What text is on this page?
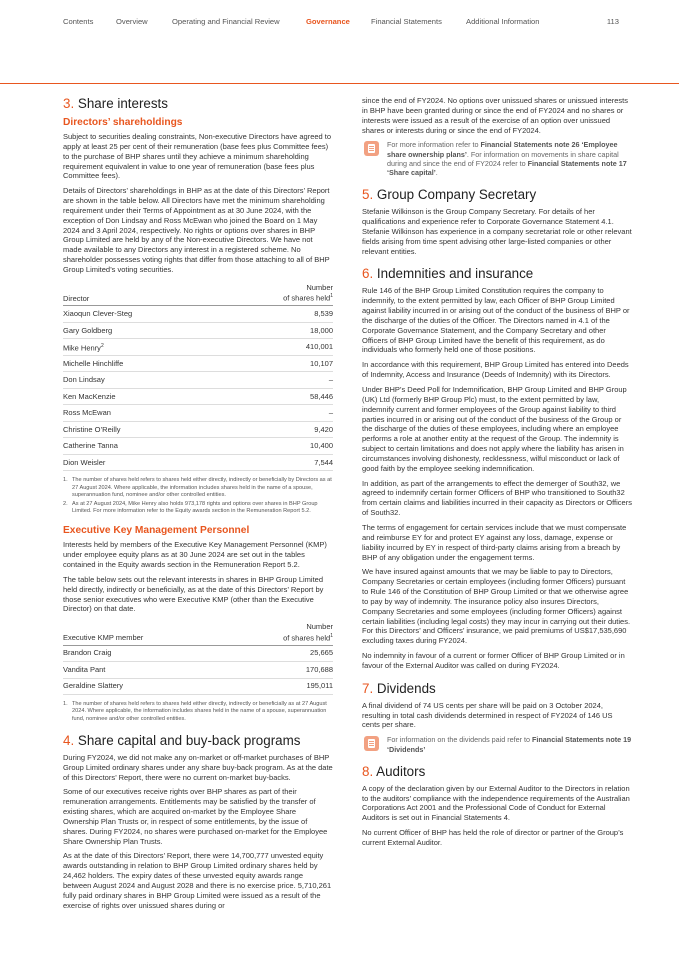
Contents	Overview	Operating and Financial Review	Governance	Financial Statements	Additional Information	113
3. Share interests
Directors’ shareholdings

Subject to securities dealing constraints, Non-executive Directors have agreed to apply at least 25 per cent of their remuneration (base fees plus Committee fees) to the purchase of BHP shares until they achieve a minimum shareholding requirement equivalent in value to one year of remuneration (base fees plus Committee fees).

Details of Directors’ shareholdings in BHP as at the date of this Directors’ Report are shown in the table below. All Directors have met the minimum shareholding requirement under their Terms of Appointment as at 30 June 2024, with the exception of Don Lindsay and Ross McEwan who joined the Board on 1 May 2024 and 3 April 2024, respectively. No rights or options over shares in BHP Group Limited are held by any of the Non-executive Directors. We have not made available to any Directors any interest in a registered scheme. No shareholder possesses voting rights that differ from those attaching to all of BHP Group Limited’s voting securities.

Director	Number
of shares held$^1$
Xiaoqun Clever-Steg	8,539
Gary Goldberg	18,000
Mike Henry$^2$	410,001
Michelle Hinchliffe	10,107
Don Lindsay	–
Ken MacKenzie	58,446
Ross McEwan	–
Christine O’Reilly	9,420
Catherine Tanna	10,400
Dion Weisler	7,544
1. The number of shares held refers to shares held either directly, indirectly or beneficially by Directors as at 27 August 2024. Where applicable, the information includes shares held in the name of a spouse, superannuation fund, nominee and/or other controlled entities.
2. As at 27 August 2024, Mike Henry also holds 973,178 rights and options over shares in BHP Group Limited. For more information refer to the Equity awards section in the Remuneration Report 5.2.
Executive Key Management Personnel

Interests held by members of the Executive Key Management Personnel (KMP) under employee equity plans as at 30 June 2024 are set out in the tables contained in the Equity awards section in the Remuneration Report 5.2.

The table below sets out the relevant interests in shares in BHP Group Limited held directly, indirectly or beneficially, as at the date of this Directors’ Report by those senior executives who were Executive KMP (other than the Executive Director) on that date.

Executive KMP member	Number
of shares held$^1$
Brandon Craig	25,665
Vandita Pant	170,688
Geraldine Slattery	195,011
1. The number of shares held refers to shares held either directly, indirectly or beneficially as at 27 August 2024. Where applicable, the information includes shares held in the name of a spouse, superannuation fund, nominee and/or other controlled entities.
4. Share capital and buy-back programs

During FY2024, we did not make any on-market or off-market purchases of BHP Group Limited ordinary shares under any share buy-back program. As at the date of this Directors’ Report, there were no current on-market buy-backs.

Some of our executives receive rights over BHP shares as part of their remuneration arrangements. Entitlements may be satisfied by the transfer of existing shares, which are acquired on-market by the Employee Share Ownership Plan Trusts or, in respect of some entitlements, by the issue of shares. During FY2024, no shares were purchased on-market for the Employee Share Ownership Plan Trusts.

As at the date of this Directors’ Report, there were 14,700,777 unvested equity awards outstanding in relation to BHP Group Limited ordinary shares held by 24,462 holders. The expiry dates of these unvested equity awards range between August 2024 and August 2028 and there is no exercise price. 5,710,261 fully paid ordinary shares in BHP Group Limited were issued as a result of the exercise of rights over unissued shares during or

since the end of FY2024. No options over unissued shares or unissued interests in BHP have been granted during or since the end of FY2024 and no shares or interests were issued as a result of the exercise of an option over unissued shares or interests during or since the end of FY2024.

For more information refer to Financial Statements note 26 ‘Employee share ownership plans’. For information on movements in share capital during and since the end of FY2024 refer to Financial Statements note 17 ‘Share capital’.
5. Group Company Secretary

Stefanie Wilkinson is the Group Company Secretary. For details of her qualifications and experience refer to Corporate Governance Statement 4.1. Stefanie Wilkinson has experience in a company secretariat role or other relevant fields arising from time spent advising other large-listed companies or other relevant entities.

6. Indemnities and insurance

Rule 146 of the BHP Group Limited Constitution requires the company to indemnify, to the extent permitted by law, each Officer of BHP Group Limited against liability incurred in or arising out of the conduct of the business of BHP or the discharge of the duties of the Officer. The Directors named in 4.1 of the Corporate Governance Statement, and the Company Secretary and other Officers of BHP Group Limited have the benefit of this requirement, as do individuals who formerly held one of those positions.

In accordance with this requirement, BHP Group Limited has entered into Deeds of Indemnity, Access and Insurance (Deeds of Indemnity) with its Directors.

Under BHP’s Deed Poll for Indemnification, BHP Group Limited and BHP Group (UK) Ltd (formerly BHP Group Plc) must, to the extent permitted by law, indemnify current and former employees of the Group against liability to third parties incurred in or arising out of the conduct of the business of the Group or the discharge of the duties of these employees, including where an employee performs a role at another entity at the request of the Group. The indemnity is subject to certain limitations and does not apply where the liability has arisen in circumstances involving dishonesty, recklessness, wilful misconduct or lack of good faith by the employee seeking indemnification.

In addition, as part of the arrangements to effect the demerger of South32, we agreed to indemnify certain former Officers of BHP who transitioned to South32 from certain claims and liabilities incurred in their capacity as Directors or Officers of South32.

The terms of engagement for certain services include that we must compensate and reimburse EY for and protect EY against any loss, damage, expense or liability incurred by EY in respect of third-party claims arising from a breach by BHP of any obligation under the engagement terms.

We have insured against amounts that we may be liable to pay to Directors, Company Secretaries or certain employees (including former Officers) pursuant to Rule 146 of the Constitution of BHP Group Limited or that we otherwise agree to pay by way of indemnity. The insurance policy also insures Directors, Company Secretaries and some employees (including former Officers) against certain liabilities (including legal costs) they may incur in carrying out their duties. For this Directors’ and Officers’ insurance, we paid premiums of US$17,535,690 excluding taxes during FY2024.

No indemnity in favour of a current or former Officer of BHP Group Limited or in favour of the External Auditor was called on during FY2024.

7. Dividends

A final dividend of 74 US cents per share will be paid on 3 October 2024, resulting in total cash dividends determined in respect of FY2024 of 146 US cents per share.

For information on the dividends paid refer to Financial Statements note 19 ‘Dividends’
8. Auditors

A copy of the declaration given by our External Auditor to the Directors in relation to the auditors’ compliance with the independence requirements of the Australian Corporations Act 2001 and the Professional Code of Conduct for External Auditors is set out in Financial Statements 4.

No current Officer of BHP has held the role of director or partner of the Group’s current External Auditor.
